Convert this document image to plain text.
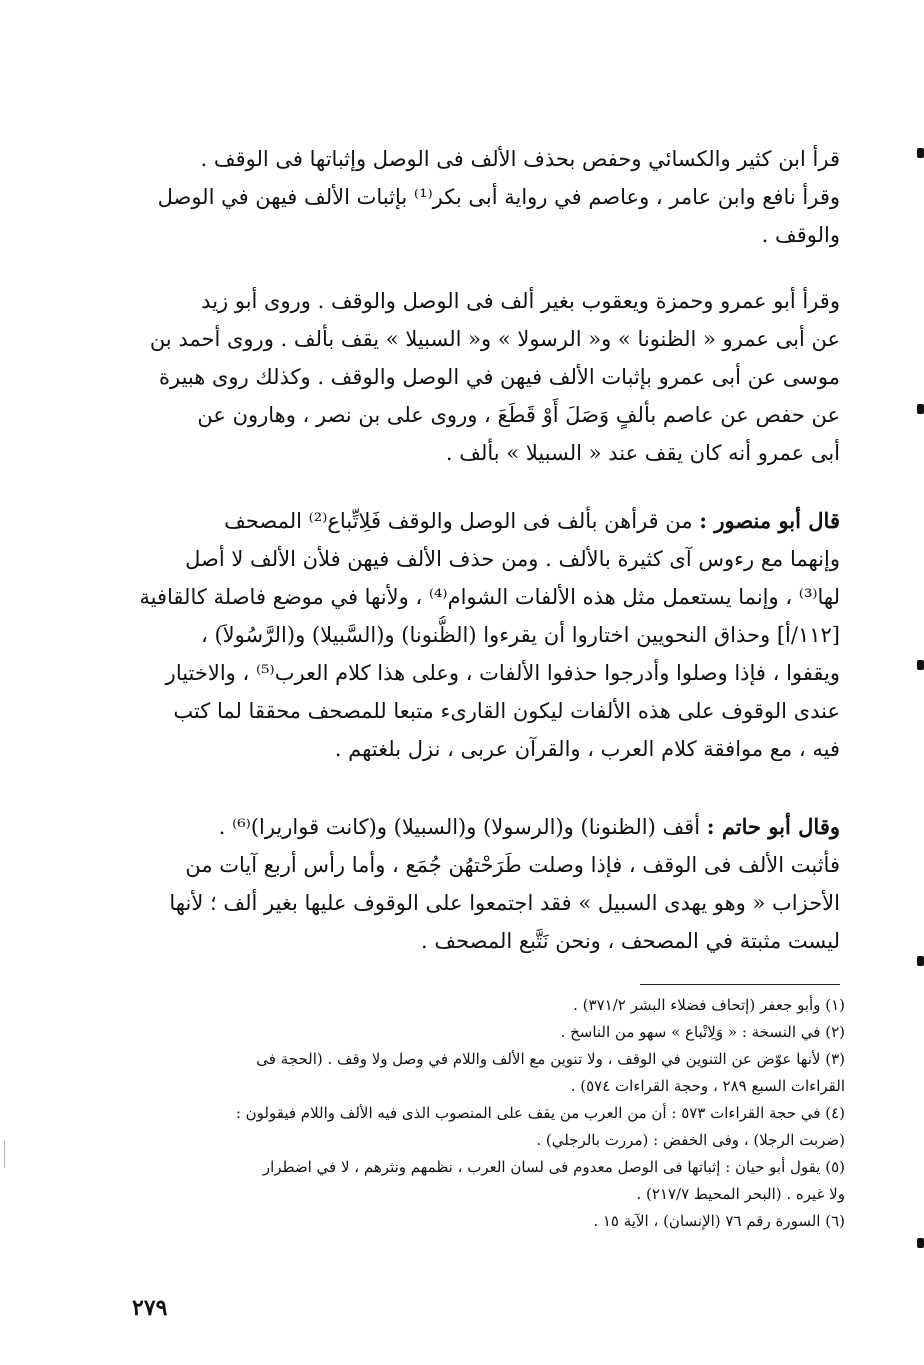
قرأ ابن كثير والكسائي وحفص بحذف الألف فى الوصل وإثباتها فى الوقف .
وقرأ نافع وابن عامر ، وعاصم في رواية أبى بكر⁽¹⁾ بإثبات الألف فيهن في الوصل
والوقف .
وقرأ أبو عمرو وحمزة ويعقوب بغير ألف فى الوصل والوقف . وروى أبو زيد
عن أبى عمرو « الظنونا » و« الرسولا » و« السبيلا » يقف بألف . وروى أحمد بن
موسى عن أبى عمرو بإثبات الألف فيهن في الوصل والوقف . وكذلك روى هبيرة
عن حفص عن عاصم بألفٍ وَصَلَ أَوْ قَطَعَ ، وروى على بن نصر ، وهارون عن
أبى عمرو أنه كان يقف عند « السبيلا » بألف .
قال أبو منصور : من قرأهن بألف فى الوصل والوقف فَلِاتِّباع⁽²⁾ المصحف
وإنهما مع رءوس آى كثيرة بالألف . ومن حذف الألف فيهن فلأن الألف لا أصل
لها⁽³⁾ ، وإنما يستعمل مثل هذه الألفات الشوام⁽⁴⁾ ، ولأنها في موضع فاصلة كالقافية
[١١٢/أ] وحذاق النحويين اختاروا أن يقرءوا (الظُّنونا) و(السَّبيلا) و(الرَّسُولاَ) ،
ويقفوا ، فإذا وصلوا وأدرجوا حذفوا الألفات ، وعلى هذا كلام العرب⁽⁵⁾ ، والاختيار
عندى الوقوف على هذه الألفات ليكون القارىء متبعا للمصحف محققا لما كتب
فيه ، مع موافقة كلام العرب ، والقرآن عربى ، نزل بلغتهم .
وقال أبو حاتم : أقف (الظنونا) و(الرسولا) و(السبيلا) و(كانت قواريرا)⁽⁶⁾ .
فأثبت الألف فى الوقف ، فإذا وصلت طَرَحْتهُن جُمَع ، وأما رأس أربع آيات من
الأحزاب « وهو يهدى السبيل » فقد اجتمعوا على الوقوف عليها بغير ألف ؛ لأنها
ليست مثبتة في المصحف ، ونحن نَتَّبع المصحف .
(١) وأبو جعفر (إتحاف فضلاء البشر ٣٧١/٢) .
(٢) في النسخة : « وَلِاتْباع » سهو من الناسخ .
(٣) لأنها عوّض عن التنوين في الوقف ، ولا تنوين مع الألف واللام في وصل ولا وقف . (الحجة فى
القراءات السبع ٢٨٩ ، وحجة القراءات ٥٧٤) .
(٤) في حجة القراءات ٥٧٣ : أن من العرب من يقف على المنصوب الذى فيه الألف واللام فيقولون :
(ضربت الرجلا) ، وفى الخفض : (مررت بالرجلي) .
(٥) يقول أبو حيان : إثباتها فى الوصل معدوم فى لسان العرب ، نظمهم ونثرهم ، لا في اضطرار
ولا غيره . (البحر المحيط ٢١٧/٧) .
(٦) السورة رقم ٧٦ (الإنسان) ، الآية ١٥ .
٢٧٩
